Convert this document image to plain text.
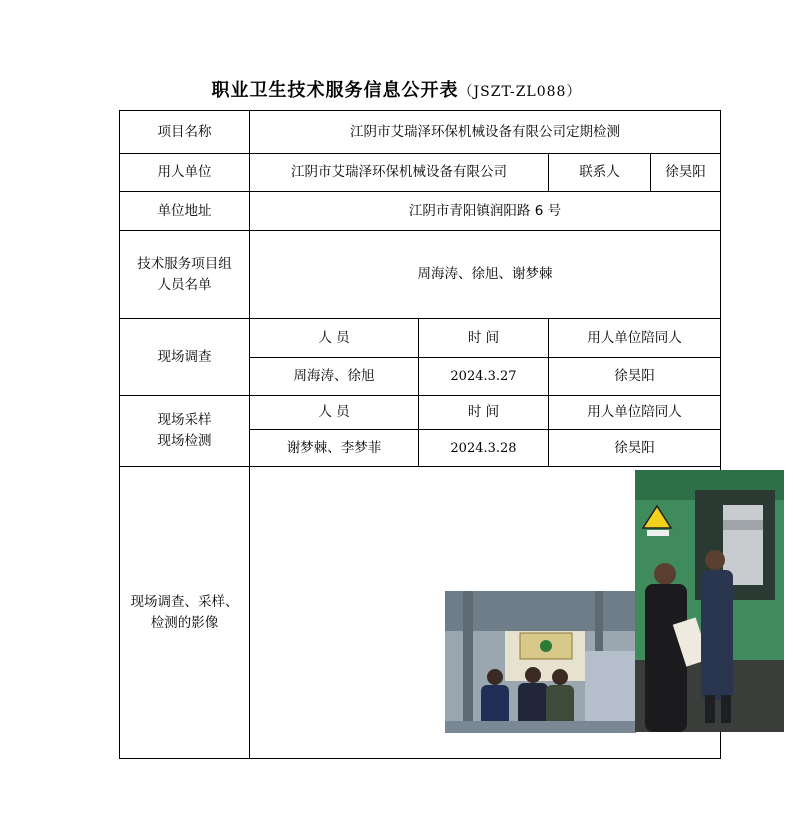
职业卫生技术服务信息公开表（JSZT-ZL088）
项目名称	江阴市艾瑞泽环保机械设备有限公司定期检测			
用人单位	江阴市艾瑞泽环保机械设备有限公司		联系人	徐昊阳
单位地址	江阴市青阳镇润阳路 6 号			

技术服务项目组
人员名单	周海涛、徐旭、谢梦棘			
现场调查	人 员	时 间	用人单位陪同人	
	周海涛、徐旭	2024.3.27	徐昊阳	

现场采样
现场检测	人 员	时 间	用人单位陪同人	
	谢梦棘、李梦菲	2024.3.28	徐昊阳	

现场调查、采样、
检测的影像
